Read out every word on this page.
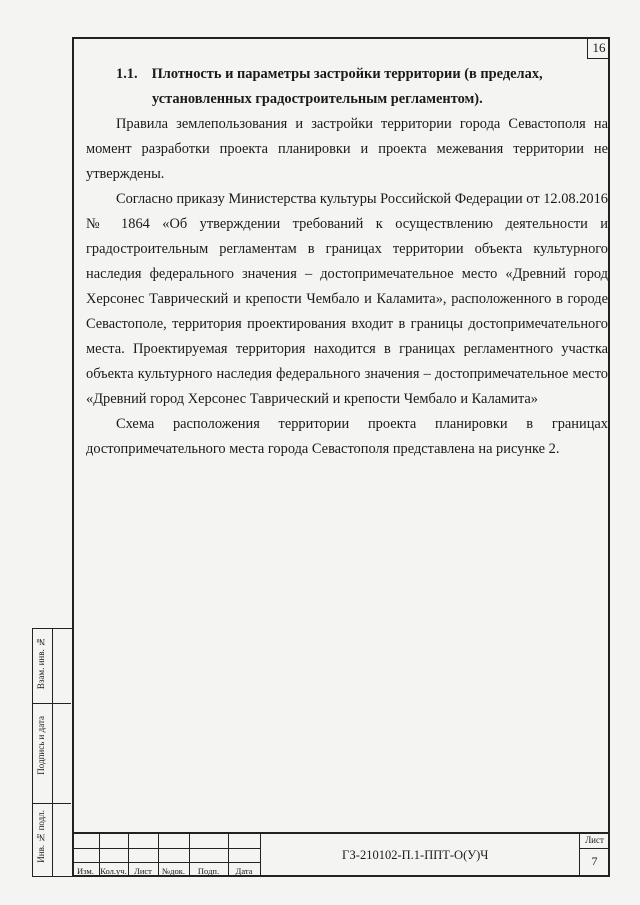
16

1.1. Плотность и параметры застройки территории (в пределах,

установленных градостроительным регламентом).

Правила землепользования и застройки территории города Севастополя на момент разработки проекта планировки и проекта межевания территории не утверждены.

Согласно приказу Министерства культуры Российской Федерации от 12.08.2016 № 1864 «Об утверждении требований к осуществлению деятельности и градостроительным регламентам в границах территории объекта культурного наследия федерального значения – достопримечательное место «Древний город Херсонес Таврический и крепости Чембало и Каламита», расположенного в городе Севастополе, территория проектирования входит в границы достопримечательного места. Проектируемая территория находится в границах регламентного участка объекта культурного наследия федерального значения – достопримечательное место «Древний город Херсонес Таврический и крепости Чембало и Каламита»

Схема расположения территории проекта планировки в границах достопримечательного места города Севастополя представлена на рисунке 2.

Взам. инв. №
Подпись и дата
Инв. № подл.
Изм. Кол.уч. Лист	№док.	Подп.	Дата
ГЗ-210102-П.1-ППТ-О(У)Ч
Лист
7
